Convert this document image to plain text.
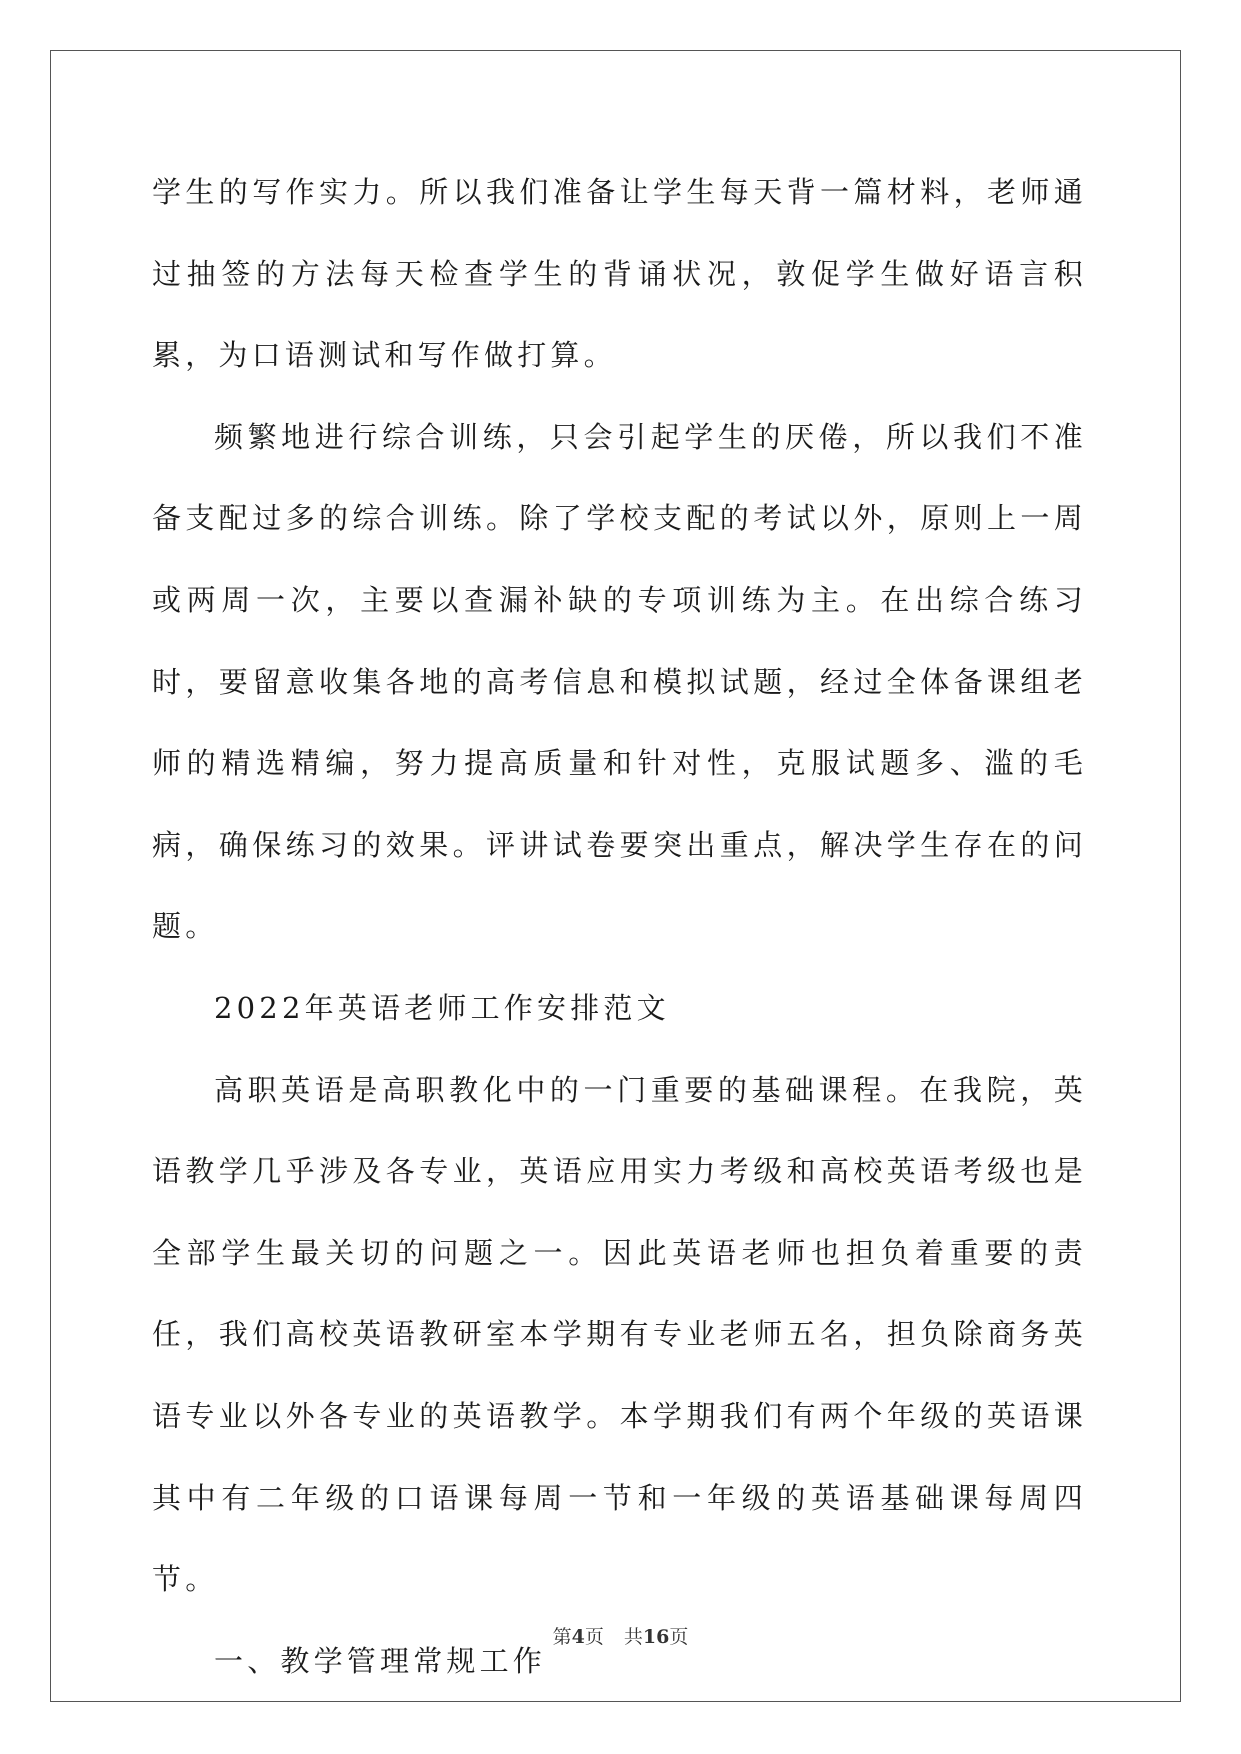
学生的写作实力。所以我们准备让学生每天背一篇材料，老师通过抽签的方法每天检查学生的背诵状况，敦促学生做好语言积累，为口语测试和写作做打算。

频繁地进行综合训练，只会引起学生的厌倦，所以我们不准备支配过多的综合训练。除了学校支配的考试以外，原则上一周或两周一次，主要以查漏补缺的专项训练为主。在出综合练习时，要留意收集各地的高考信息和模拟试题，经过全体备课组老师的精选精编，努力提高质量和针对性，克服试题多、滥的毛病，确保练习的效果。评讲试卷要突出重点，解决学生存在的问题。

2022年英语老师工作安排范文

高职英语是高职教化中的一门重要的基础课程。在我院，英语教学几乎涉及各专业，英语应用实力考级和高校英语考级也是全部学生最关切的问题之一。因此英语老师也担负着重要的责任，我们高校英语教研室本学期有专业老师五名，担负除商务英语专业以外各专业的英语教学。本学期我们有两个年级的英语课其中有二年级的口语课每周一节和一年级的英语基础课每周四节。

一、教学管理常规工作

第4页 共16页
